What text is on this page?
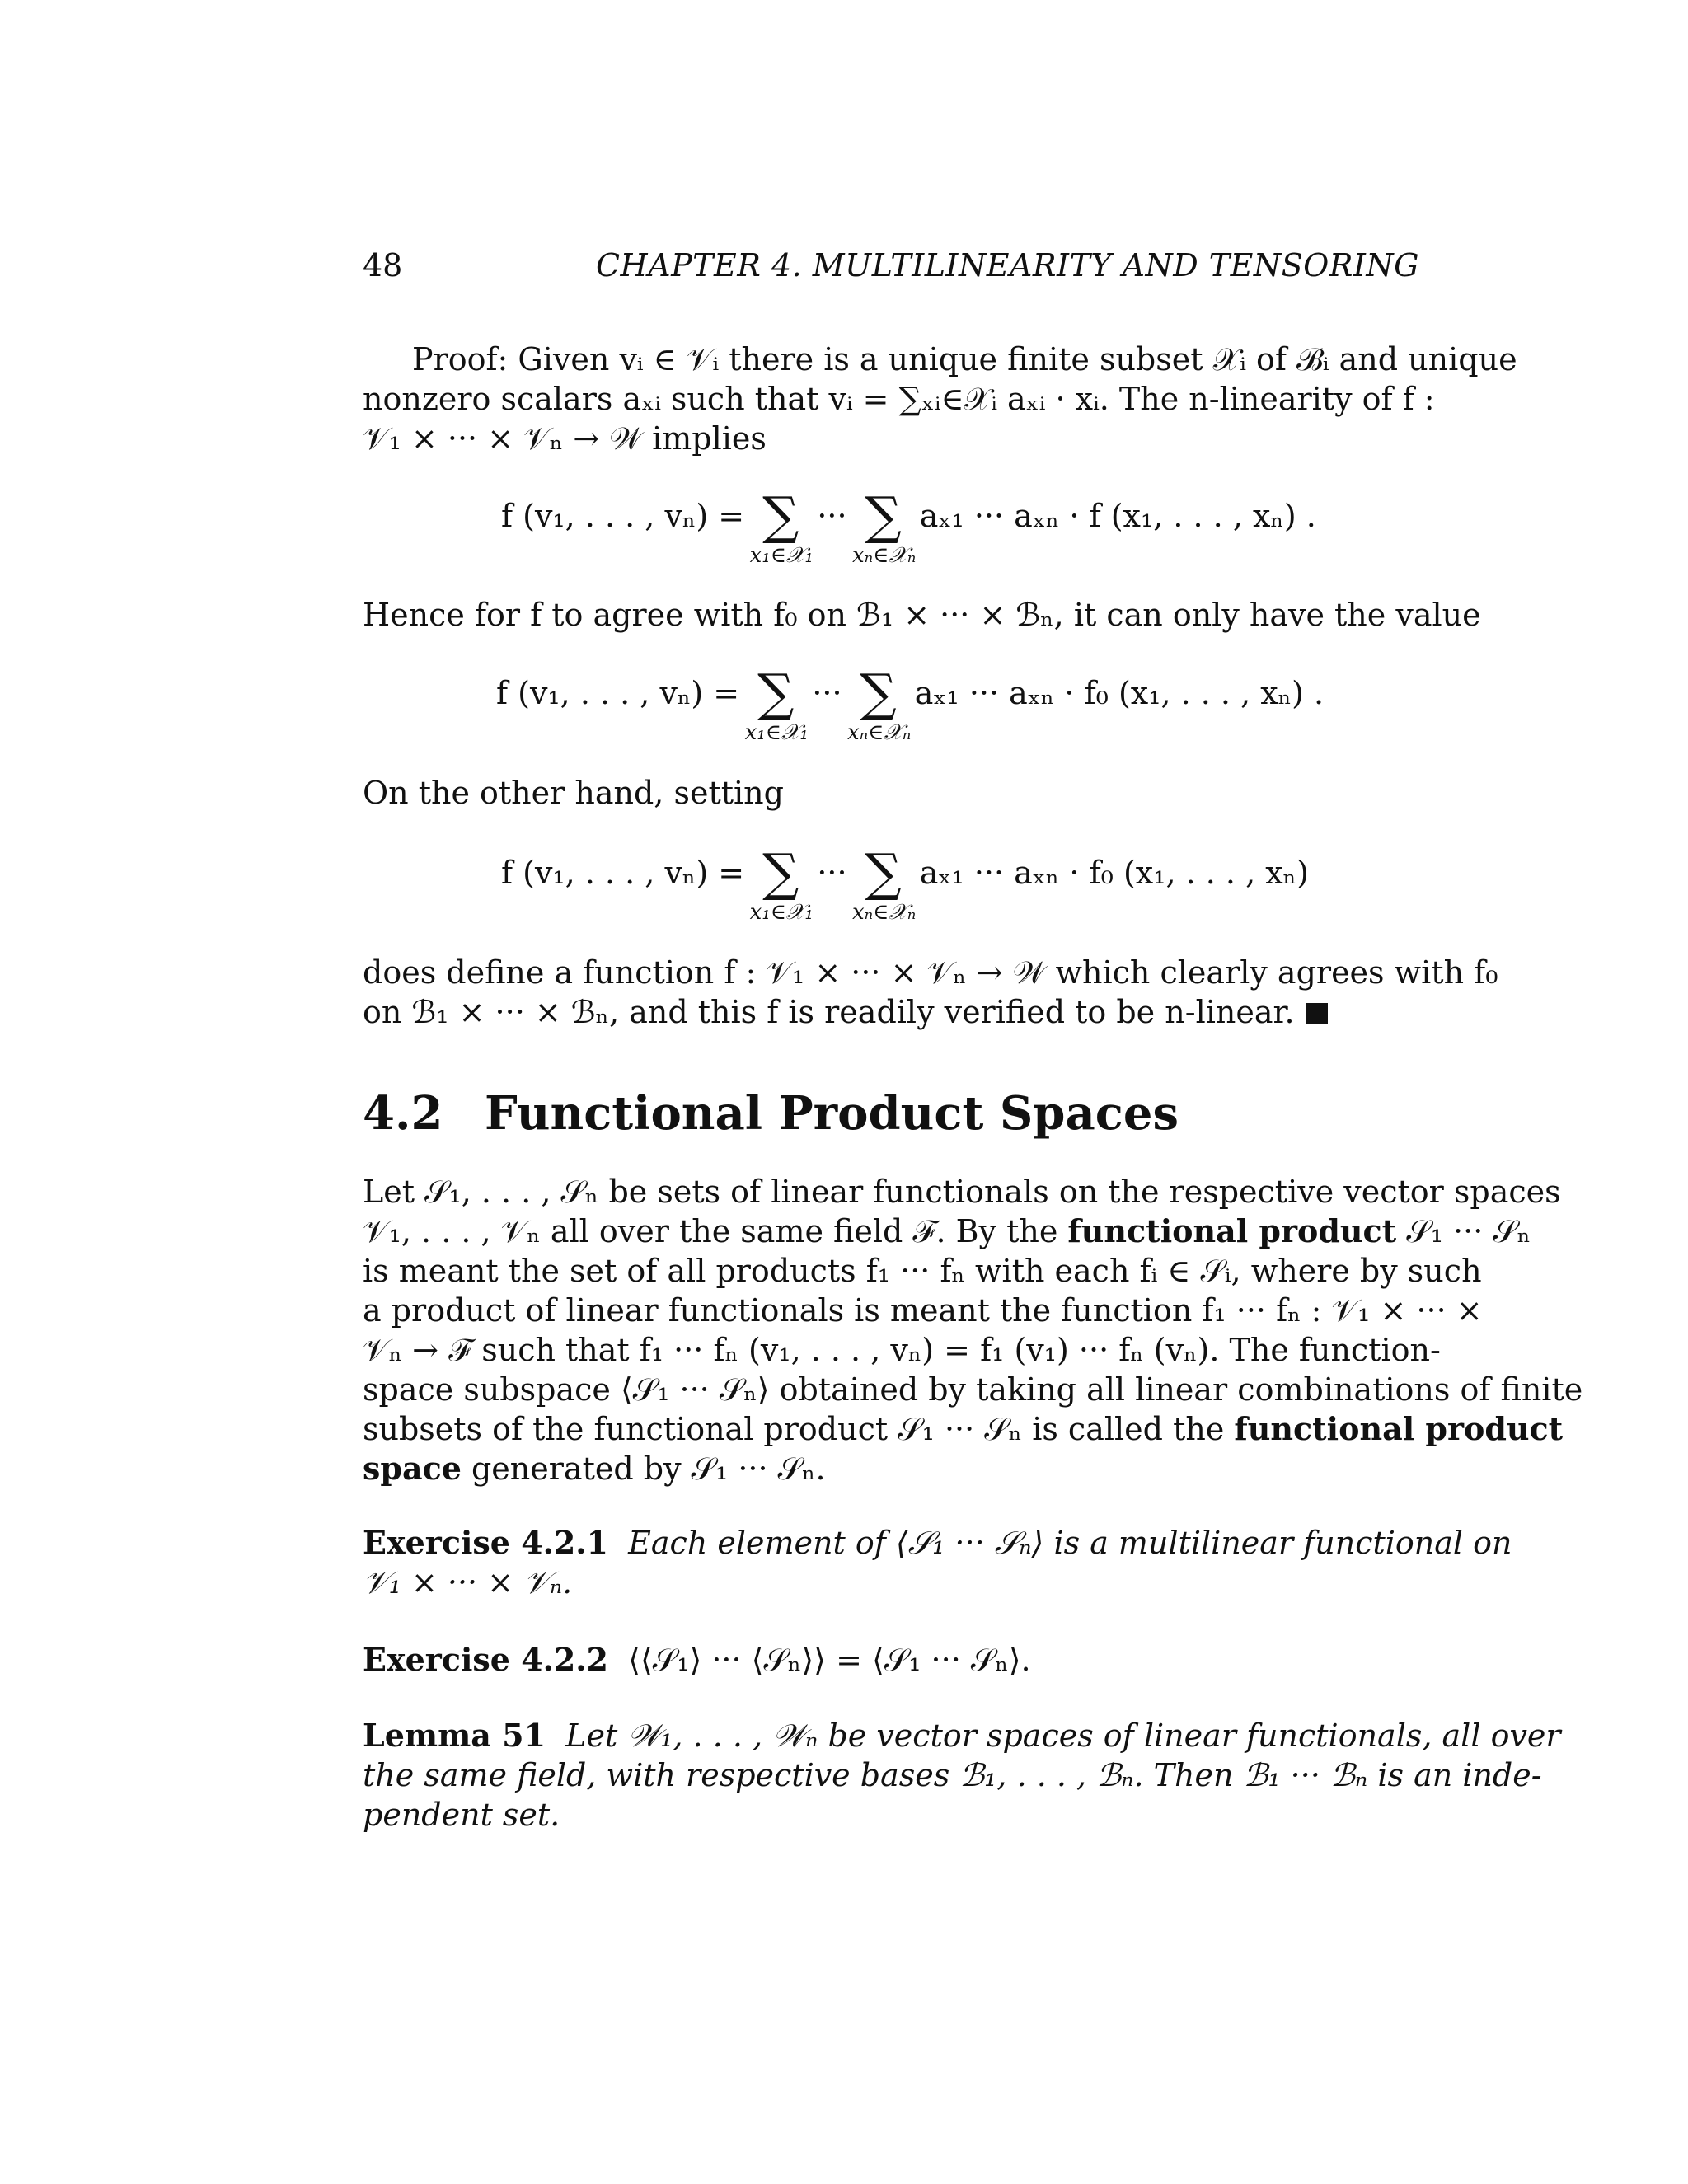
48	CHAPTER 4. MULTILINEARITY AND TENSORING
Proof: Given vᵢ ∈ 𝒱ᵢ there is a unique finite subset 𝒳ᵢ of ℬᵢ and unique
nonzero scalars aₓᵢ such that vᵢ = ∑ₓᵢ∈𝒳ᵢ aₓᵢ · xᵢ. The n-linearity of f :
𝒱₁ × ··· × 𝒱ₙ → 𝒲 implies
f (v₁, . . . , vₙ) = ∑
x₁∈𝒳₁
··· ∑
xₙ∈𝒳ₙ
aₓ₁ ··· aₓₙ · f (x₁, . . . , xₙ) .
Hence for f to agree with f₀ on ℬ₁ × ··· × ℬₙ, it can only have the value
f (v₁, . . . , vₙ) = ∑
x₁∈𝒳₁
··· ∑
xₙ∈𝒳ₙ
aₓ₁ ··· aₓₙ · f₀ (x₁, . . . , xₙ) .
On the other hand, setting
f (v₁, . . . , vₙ) = ∑
x₁∈𝒳₁
··· ∑
xₙ∈𝒳ₙ
aₓ₁ ··· aₓₙ · f₀ (x₁, . . . , xₙ)
does define a function f : 𝒱₁ × ··· × 𝒱ₙ → 𝒲 which clearly agrees with f₀
on ℬ₁ × ··· × ℬₙ, and this f is readily verified to be n-linear.
4.2 Functional Product Spaces
Let 𝒮₁, . . . , 𝒮ₙ be sets of linear functionals on the respective vector spaces
𝒱₁, . . . , 𝒱ₙ all over the same field ℱ. By the functional product 𝒮₁ ··· 𝒮ₙ
is meant the set of all products f₁ ··· fₙ with each fᵢ ∈ 𝒮ᵢ, where by such
a product of linear functionals is meant the function f₁ ··· fₙ : 𝒱₁ × ··· ×
𝒱ₙ → ℱ such that f₁ ··· fₙ (v₁, . . . , vₙ) = f₁ (v₁) ··· fₙ (vₙ). The function-
space subspace ⟨𝒮₁ ··· 𝒮ₙ⟩ obtained by taking all linear combinations of finite
subsets of the functional product 𝒮₁ ··· 𝒮ₙ is called the functional product
space generated by 𝒮₁ ··· 𝒮ₙ.
Exercise 4.2.1 Each element of ⟨𝒮₁ ··· 𝒮ₙ⟩ is a multilinear functional on
𝒱₁ × ··· × 𝒱ₙ.
Exercise 4.2.2 ⟨⟨𝒮₁⟩ ··· ⟨𝒮ₙ⟩⟩ = ⟨𝒮₁ ··· 𝒮ₙ⟩.
Lemma 51 Let 𝒲₁, . . . , 𝒲ₙ be vector spaces of linear functionals, all over
the same field, with respective bases ℬ₁, . . . , ℬₙ. Then ℬ₁ ··· ℬₙ is an inde-
pendent set.
